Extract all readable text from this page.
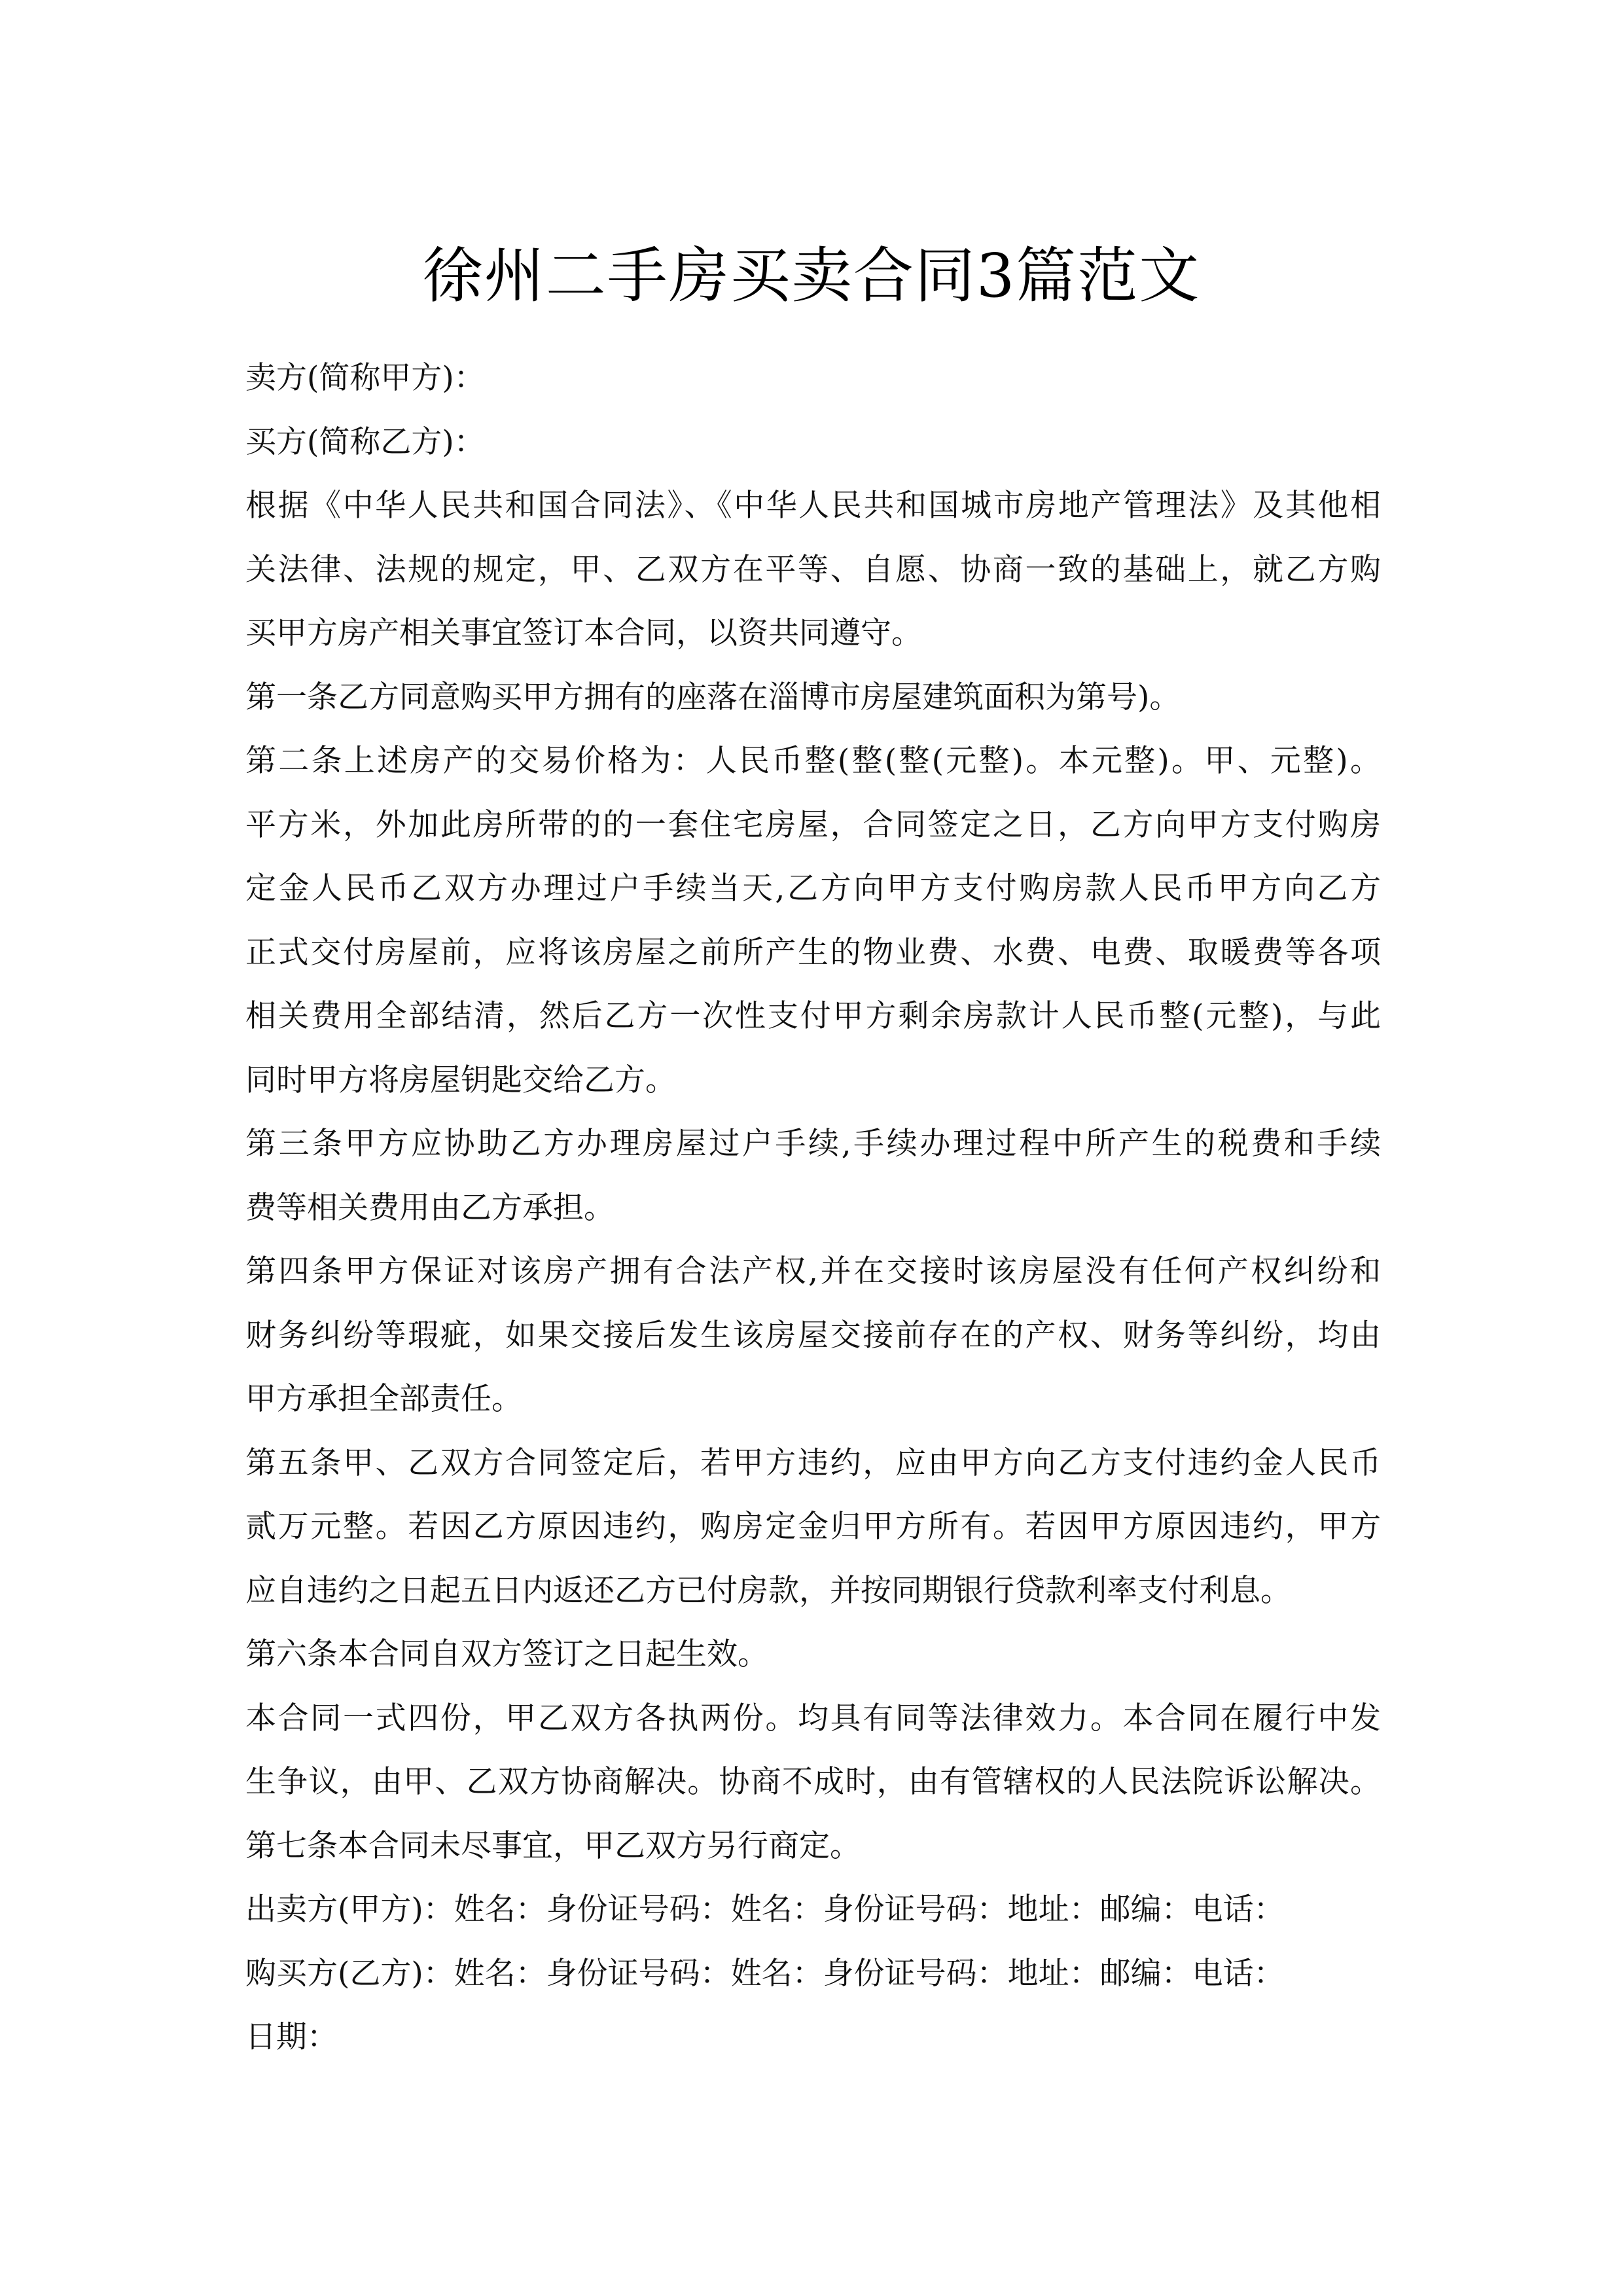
徐州二手房买卖合同3篇范文
卖方(简称甲方)：
买方(简称乙方)：
根据《中华人民共和国合同法》、《中华人民共和国城市房地产管理法》及其他相
关法律、法规的规定，甲、乙双方在平等、自愿、协商一致的基础上，就乙方购
买甲方房产相关事宜签订本合同，以资共同遵守。
第一条乙方同意购买甲方拥有的座落在淄博市房屋建筑面积为第号)。
第二条上述房产的交易价格为：人民币整(整(整(元整)。本元整)。甲、元整)。
平方米，外加此房所带的的一套住宅房屋，合同签定之日，乙方向甲方支付购房
定金人民币乙双方办理过户手续当天,乙方向甲方支付购房款人民币甲方向乙方
正式交付房屋前，应将该房屋之前所产生的物业费、水费、电费、取暖费等各项
相关费用全部结清，然后乙方一次性支付甲方剩余房款计人民币整(元整)，与此
同时甲方将房屋钥匙交给乙方。
第三条甲方应协助乙方办理房屋过户手续,手续办理过程中所产生的税费和手续
费等相关费用由乙方承担。
第四条甲方保证对该房产拥有合法产权,并在交接时该房屋没有任何产权纠纷和
财务纠纷等瑕疵，如果交接后发生该房屋交接前存在的产权、财务等纠纷，均由
甲方承担全部责任。
第五条甲、乙双方合同签定后，若甲方违约，应由甲方向乙方支付违约金人民币
贰万元整。若因乙方原因违约，购房定金归甲方所有。若因甲方原因违约，甲方
应自违约之日起五日内返还乙方已付房款，并按同期银行贷款利率支付利息。
第六条本合同自双方签订之日起生效。
本合同一式四份，甲乙双方各执两份。均具有同等法律效力。本合同在履行中发
生争议，由甲、乙双方协商解决。协商不成时，由有管辖权的人民法院诉讼解决。
第七条本合同未尽事宜，甲乙双方另行商定。
出卖方(甲方)：姓名：身份证号码：姓名：身份证号码：地址：邮编：电话：
购买方(乙方)：姓名：身份证号码：姓名：身份证号码：地址：邮编：电话：
日期：
